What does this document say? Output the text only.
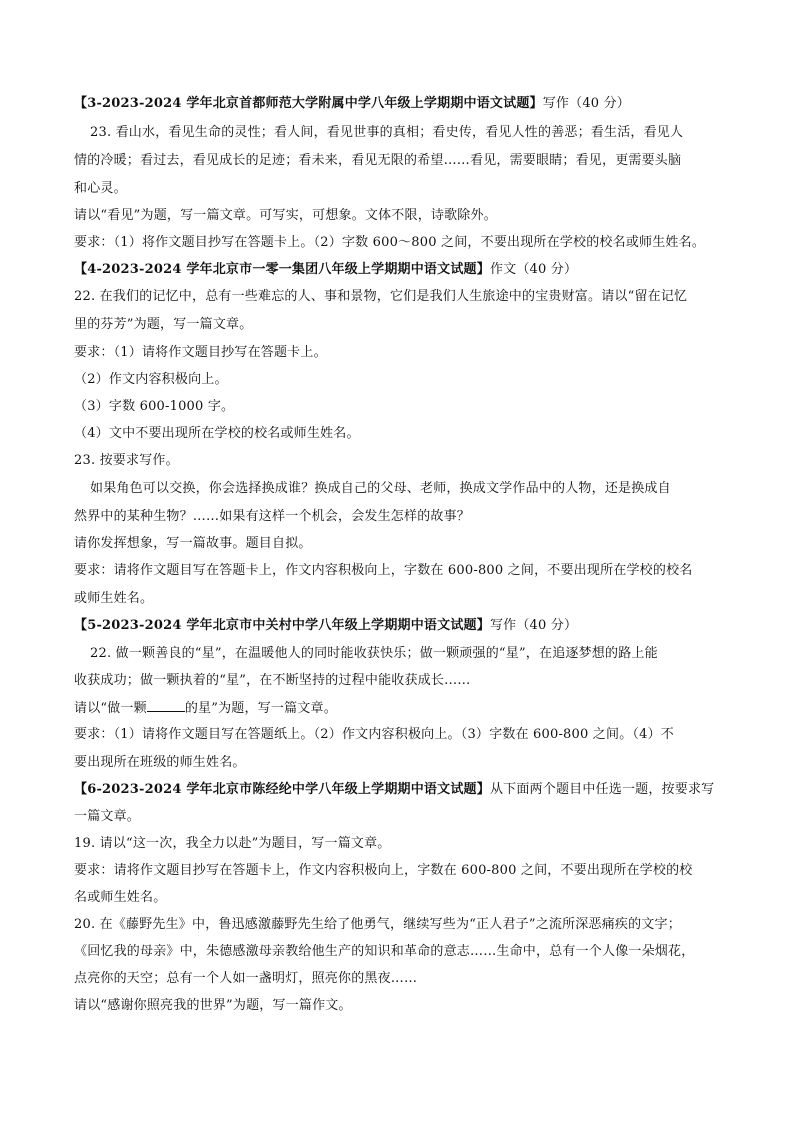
【3-2023-2024 学年北京首都师范大学附属中学八年级上学期期中语文试题】写作（40 分）
23. 看山水，看见生命的灵性；看人间，看见世事的真相；看史传，看见人性的善恶；看生活，看见人
情的冷暖；看过去，看见成长的足迹；看未来，看见无限的希望……看见，需要眼睛；看见，更需要头脑
和心灵。
请以“看见”为题，写一篇文章。可写实，可想象。文体不限，诗歌除外。
要求：（1）将作文题目抄写在答题卡上。（2）字数 600～800 之间，不要出现所在学校的校名或师生姓名。
【4-2023-2024 学年北京市一零一集团八年级上学期期中语文试题】作文（40 分）
22. 在我们的记忆中，总有一些难忘的人、事和景物，它们是我们人生旅途中的宝贵财富。请以“留在记忆
里的芬芳”为题，写一篇文章。
要求：（1）请将作文题目抄写在答题卡上。
（2）作文内容积极向上。
（3）字数 600-1000 字。
（4）文中不要出现所在学校的校名或师生姓名。
23. 按要求写作。
如果角色可以交换，你会选择换成谁？换成自己的父母、老师，换成文学作品中的人物，还是换成自
然界中的某种生物？……如果有这样一个机会，会发生怎样的故事？
请你发挥想象，写一篇故事。题目自拟。
要求：请将作文题目写在答题卡上，作文内容积极向上，字数在 600-800 之间，不要出现所在学校的校名
或师生姓名。
【5-2023-2024 学年北京市中关村中学八年级上学期期中语文试题】写作（40 分）
22. 做一颗善良的“星”，在温暖他人的同时能收获快乐；做一颗顽强的“星”，在追逐梦想的路上能
收获成功；做一颗执着的“星”，在不断坚持的过程中能收获成长……
请以“做一颗	的星”为题，写一篇文章。
要求：（1）请将作文题目写在答题纸上。（2）作文内容积极向上。（3）字数在 600-800 之间。（4）不
要出现所在班级的师生姓名。
【6-2023-2024 学年北京市陈经纶中学八年级上学期期中语文试题】从下面两个题目中任选一题，按要求写
一篇文章。
19. 请以“这一次，我全力以赴”为题目，写一篇文章。
要求：请将作文题目抄写在答题卡上，作文内容积极向上，字数在 600-800 之间，不要出现所在学校的校
名或师生姓名。
20. 在《藤野先生》中，鲁迅感激藤野先生给了他勇气，继续写些为“正人君子”之流所深恶痛疾的文字；
《回忆我的母亲》中，朱德感激母亲教给他生产的知识和革命的意志……生命中，总有一个人像一朵烟花，
点亮你的天空；总有一个人如一盏明灯，照亮你的黑夜……
请以“感谢你照亮我的世界”为题，写一篇作文。
